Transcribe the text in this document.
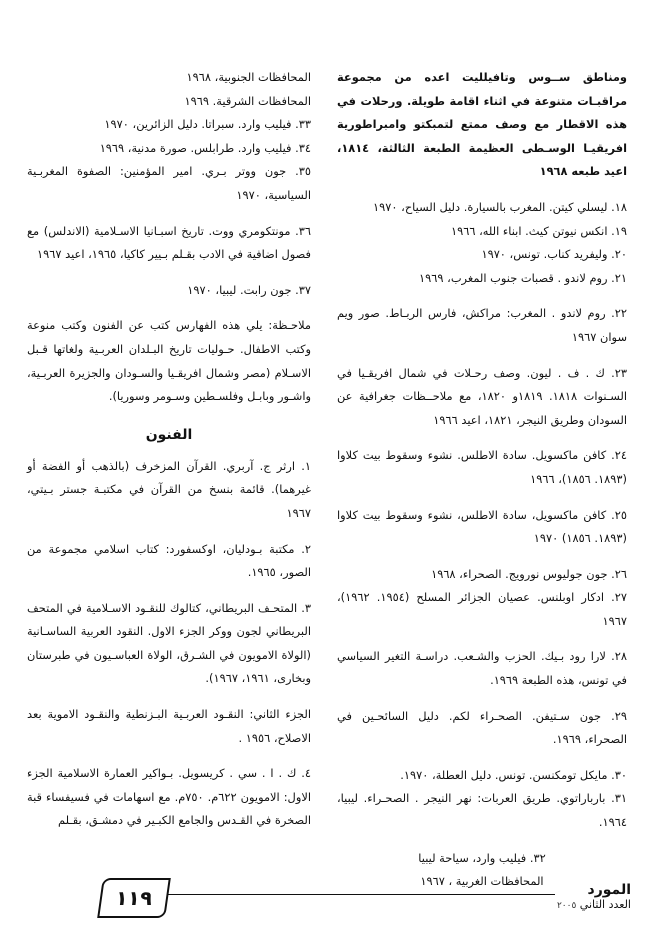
ومناطق ســوس وتافيلليت اعده من مجموعة مراقبـات متنوعة في اثناء اقامة طويلة. ورحلات في هذه الاقطار مع وصف ممتع لتمبكتو وامبراطورية افريقيـا الوسـطى العظيمة الطبعة الثالثة، ١٨١٤، اعيد طبعه ١٩٦٨

١٨. ليسلي كيتن. المغرب بالسيارة. دليل السياح، ١٩٧٠

١٩. انكس نيوتن كيث. ابناء الله، ١٩٦٦

٢٠. وليفريد كناب. تونس، ١٩٧٠

٢١. روم لاندو . قصبات جنوب المغرب، ١٩٦٩

٢٢. روم لاندو . المغرب: مراكش، فارس الربـاط. صور ويم سوان ١٩٦٧

٢٣. ك . ف . ليون. وصف رحـلات في شمال افريقـيا في السـنوات ١٨١٨. ١٨١٩و ١٨٢٠، مع ملاحــظات جغرافية عن السودان وطريق النيجر، ١٨٢١، اعيد ١٩٦٦

٢٤. كافن ماكسويل. سادة الاطلس. نشوء وسقوط بيت كلاوا (١٨٩٣. ١٨٥٦)، ١٩٦٦

٢٥. كافن ماكسويل، سادة الاطلس، نشوء وسقوط بيت كلاوا (١٨٩٣. ١٨٥٦) ١٩٧٠

٢٦. جون جوليوس نورويج. الصحراء، ١٩٦٨

٢٧. ادكار اوبلنس. عصيان الجزائر المسلح (١٩٥٤. ١٩٦٢)، ١٩٦٧

٢٨. لارا رود بـيك. الحزب والشـعب. دراسـة التغير السياسي في تونس، هذه الطبعة ١٩٦٩.

٢٩. جون سـتيفن. الصحـراء لكم. دليل السائحـين في الصحراء، ١٩٦٩.

٣٠. مايكل تومكنسن. تونس. دليل العطلة، ١٩٧٠.

٣١. بارباراتوي. طريق العربات: نهر النيجر . الصحـراء. ليبيا، ١٩٦٤.

٣٢. فيليب وارد، سياحة ليبيا

المحافظات الغربية ، ١٩٦٧

المحافظات الجنوبية، ١٩٦٨

المحافظات الشرقية. ١٩٦٩

٣٣. فيليب وارد. سبراتا. دليل الزائرين، ١٩٧٠

٣٤. فيليب وارد. طرابلس. صورة مدنية، ١٩٦٩

٣٥. جون ووتر بـري. امير المؤمنين: الصفوة المغربـية السياسية، ١٩٧٠

٣٦. مونتكومري ووت. تاريخ اسبـانيا الاسـلامية (الاندلس) مع فصول اضافية في الادب بقـلم بـيير كاكيا، ١٩٦٥، اعيد ١٩٦٧

٣٧. جون رابت. ليبيا، ١٩٧٠

ملاحـظة: يلي هذه الفهارس كتب عن الفنون وكتب منوعة وكتب الاطفال. حـوليات تاريخ البـلدان العربـية ولغاتها قـبل الاسـلام (مصر وشمال افريقـيا والسـودان والجزيرة العربـية، واشـور وبابـل وفلسـطين وسـومر وسوريا).

الفنون

١. ارثر ج. آربري. القرآن المزخرف (بالذهب أو الفضة أو غيرهما). قائمة بنسخ من القرآن في مكتبـة جستر بـيتي، ١٩٦٧

٢. مكتبة بـودليان، اوكسفورد: كتاب اسلامي مجموعة من الصور، ١٩٦٥.

٣. المتحـف البريطاني، كتالوك للنقـود الاسـلامية في المتحف البريطاني لجون ووكر الجزء الاول. النقود العربية الساسـانية (الولاة الامويون في الشـرق، الولاة العباسـيون في طبرستان وبخارى، ١٩٦١، ١٩٦٧).

الجزء الثاني: النقـود العربـية البـزنطية والنقـود الاموية بعد الاصلاح، ١٩٥٦ .

٤. ك . ا . سي . كريسويل. بـواكير العمارة الاسلامية الجزء الاول: الامويون ٦٢٢م. ٧٥٠م. مع اسهامات في فسيفساء قبة الصخرة في القـدس والجامع الكبـير في دمشـق، بقـلم

١١٩	المورد
العدد الثاني ٢٠٠٥
